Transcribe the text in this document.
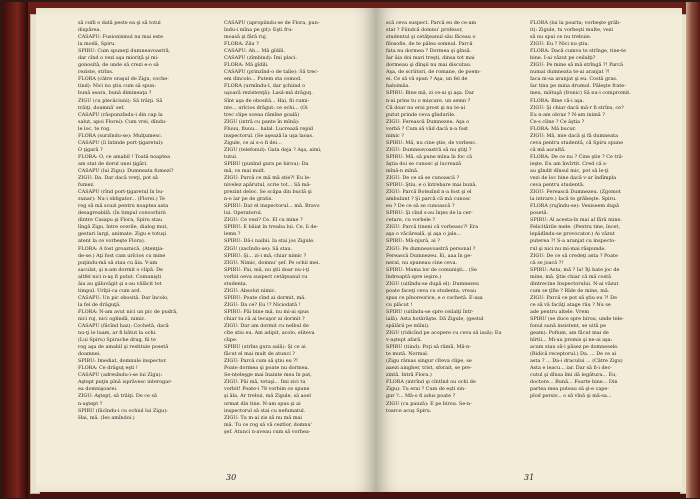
să cufli o dată peste ea şi să totul
dispărea.
CASAPU: Fusionismul nu mai este
la modă, Spiru.
SPIRU: Cum spuneţi dumneavoastră,
dar cînd o vezi aşa mioriţă şi mi-
gonosită, de unde să crezi e-o să
reziste, strîns.
FLORA (către oraşul de Zigu, coche-
tind): Nici nu ştiu cum să spun:
bună seara, bună dimineaţa ?
ZIGU (cu plecăciuni): Să trăiţi. Să
trăiţi, doamnă' sef.
CASAPU (răspunzîndu-i din cap la
salut, apoi Florei): Cum vrei, dîndu-
le loc, te rog.
FLORA (surzîndu-se): Mulţumesc.
CASAPU (îi întinde port-ţigaretul):
O ţigară ?
FLORA: O, ce amabil ! Toată noaptea
am stat de dorul unei ţigări.
CASAPU (lui Zigu): Dumneata fumezi?
ZIGU: Da. Dar dacă vreţi, pot să
fumez.
CASAPU (rînd port-ţigaretul în bu-
zunar): Nu-i obligator... (Florei.) Te
rog să mă scuzi pentru noaptea asta
desagreabilă. (în timpul convorbirii
dintre Casapu şi Flora, Spiru stau
lîngă Zigu, între ocerile, dialog mut,
gesturi largi, animate. Zigu e totuşi
atent la ce vorbeşte Flora).
FLORA: A fost groaznică. (Atenţia-
de-se.) Aţi fost cam urîcios cu mine
puţindu-mă să stau cu ăia. V-am
saculat, şi n-am dormit o clipă. De
altfel nici n-aş fi putut. Comunişti
ăia au găluvăgit şi s-au vălăcit tot
timpul. Urîţii-ca cum ard.
CASAPU: Un pic obosită. Dar încolo,
la fel de drăguţă.
FLORA: N-am avut nici un pic de pudră,
nici ruj, nici oglindă, nimic.
CASAPU (făcînd haz): Cochetă, dacă
nu-ţi le luam, ar fi bătut la ochi.
(Lui Spiru) Spirache drag, fii te
rog aşa de amabil şi restituie posetă
doamnei.
SPIRU: Imediat, domnule inspector.
FLORA: Ce drăguţ eşti !
CASAPU (adresîndu-i-se lui Zigu):
Aştept puţin pînă isprăvesc interogar-
ea domnişoarei.
ZIGU: Aştept, să trăiţi. De ce să
n-aştept ?
SPIRU (făcîndu-i cu ochiul lui Zigu):
Hai, mă. (Ies amîndoi.)
CASAPU (apropiindu-se de Flora, pun-
îndu-i mîna pe git): Eşti fru-
moasă şi fără ruj.
FLORA: Zău ?
CASAPU: Ah... Mă gîdili.
CASAPU (zîmbind): Îmi placi.
FLORA: Mă gîdili.
CASAPU (prinzînd-o de talie): Să trec-
em dincolo... Putem sta comod.
FLORA (urmîndu-l, dar şchiind o
uşoară rezistenţă): Lasă-mă drăguţ.
Sînt aşa de obosită... Hai, fii cumi-
nte... urîcios drăgut: ce ochi... (Oi
trec clipe scena rămîne goală)
ZIGU (intră cu pante în mînă):
Fluuu, fluuu... halal. Lucrează repid
inspectorul. (Se aşează la uşa laoas.
Zigule, ce ai s-o fi dei...
ZIGU (telefonul): Gata deja ? Aşa, aimi,
tutui.
SPIRU (punînd gura pe birou): Da
mă, ce mai mult.
ZIGU: Parcă ce mă mă știe?! Eu le-
nivelez apărutul, scrie tot... Să mă-
prezint deloc. Se scăpa din buclă şi
n-o iar pe de gratis.
SPIRU: Dar el inspectorul... mă. Bravo
lui. Operatorul.
ZIGU: Ce vezi? Ce. El ca mine ?
SPIRU: E băiat în treaba lui. Ce, îi de-
lemn ?
SPIRU: Dă-i naibii. Ia stai jos Zigule.
ZIGU (zacîndu-se): Să stau.
SPIRU: Şi... zi-i mă, chiar nimic ?
ZIGU: Nimic, domnu' şef. Pe ochii mei.
SPIRU: Pai, mă, nu ştii doar nu-i-ţi
vorbit oeva suspect cetăţeanul cu
studenta.
ZIGU: Absolut nimic.
SPIRU: Poate cînd ai dormit, mă.
ZIGU: Da ce? Eu !? Niciodată !
SPIRU: Păi bine mă, nu mi-ai spus
chiar tu că ai lecuşor ai dormit ?
ZIGU: Dar am dormit cu nelbul de
cîte stiu eu. Am adipit, acolo, eliteva
clipe.
SPIRU (strîns gura sală): Şi ce ai
făcut el mai mult de atunci ?
ZIGU: Parcă cum să ştiu eu ?!
Poate dormea şi poate nu dormea.
Se-nțeleşge mai înainte mea în pat,
ZIGU: Păi mă, totuşi... Îmi zici tu
vorbit! Poate-i 78 vorbim ce spune
şi ăla. Ar trebui, mă Zigule, să aoel
urmat din tine. N-am spus şi ai
inspectorul să stai cu nefumatul.
ZIGU: Tu m-ai zis să nu mă mai
mă. Tu ce rog să vă ceztlor, domnu'
şef. Atunci n-aveau cum să vorbea-
30
scă ceva suspect. Parcă eu de ce-am
stat ? Fiindcă domnu' profesor,
studentul şi cetăţeanul său făceau o
filosofie, de te pâlea somnul. Parcă
fata nu dormea ? Dormea şi gînsă.
Iar ăia doi mari treşti, dinsa tot mai
dormeau şi dînşii nu mai discutau.
Aşa, de scriitori, de romane, de poem-
ei. Ce să vă spun ? Aşa, un fel de
haloimăs.
SPIRU: Bine mă, zi ce-ai şi aşa. Dar
n-ai prins tu o mișcare, un semn ?
Că doar nu erai prost şi nu te-ai
putut prinde ceva gîndurile.
ZIGU: Ferească Dumnezeu. Aşa o
vorbă ? Cum să văd dacă n-a fost
nimic ?
SPIRU: Mă, nu cine ştie, de vorbesc.
ZIGU: Dumneavoastră să nu ştiţi ?
SPIRU: Mă, să pune mîna în foc că
ăştia doi se cunosc şi lucrează
mînă-n mînă.
ZIGU: De ce să se cunoască ?
SPIRU: Ştiu, e o întrebare mai bună.
ZIGU: Parcă Botezînd n-a fost şi el
ambulant ? Şi parcă că mă cunosc
eu ? De ce să se cunoască ?
SPIRU: Şi cînd s-au înţes de la cer-
cetare, cu vorbele ?
ZIGU: Parcă tineni că vorbeasc?! Era
aşa o văcăreală, şi aşa o jale...
SPIRU: Mă-njură, ai ?
ZIGU: Pe dumneavoastră personal ?
Ferească Dumnezeu. Ei, aaa în ge-
neral, nu spuneau cine ceva.
SPIRU: Mama lor de comunişti... (Se
îndreaptă spre ieşire.)
ZIGU (uitîndu-se după el): Dumnezeu
poate faceţi ceva cu studenta, vreau
spus ce pînoreorice, e o cochetă. E-așa
cu plăcut !
SPIRU (uitîndu-se spre ceilalţi într-
ială). Asta hotărăşte. Dă Zigule, (gestul
spălării pe mîini).
ZIGU (ridicînd pe acopere cu ceva să iasă): Eu
v-aştept afară.
SPIRU (tiind): Poţi să rămîi, Mă-n-
te mută. Normal.
(Zigu rămas singur cîteva clipe, se
aaezi aingher, trist, sforait, se pre-
zintă. Intră Flora.)
FLORA (intrînd şi cîntînd ou ochi de
Zigu): Tu erai ? Cum de eşti sin-
gur ?... Mă-o fi adus poate ?
ZIGU (cu pauză): E pe birou. Se-n-
toarce acuş Spiru.
FLORA (lui la poarta; vorbeşte grăb-
it): Zigule, tu vorbeşti multe, vezi
să nu spui ce nu trebuie.
ZIGU: Eu ? Nici nu ştiu.
FLORA: Dacă cumva te strînge, tine-te
bine. I-ai văzut pe ceilalţi?
ZIGU: Pe mine să mă strîngă ?! Parcă
numai dumneata te-ai aranjat ?!
Iaca m-sa aranjat şi eu. Costă gras.
Iar tinu pe mina drumul. Păleşte frate-
meu, mătuşă (Ironic) Să nu-i compromit.
FLORA: Bine că-i aşa.
ZIGU: Şi chiar dacă mă-r fi strîns, ce?
Eu n-am obraz ? N-am inimă ?
Ce-s cîine ? Ce ăştia ?
FLORA: Mă bucur.
ZIGU: Mă, mie dacă şi fă dumneata
ceva pentru studentă, că Spiru spune
că mă ascultă.
FLORA: De ce nu ? Cine ştie ? Ce tră-
ieşte. Eu am învîrtit. Cred că s-
au gîndit dînsul mic, pot să le-ţi
vezi de loc bine dacă v-ar îndîmpla
ceva pentru studentă.
ZIGU: Ferească Dumnezeu. (Zgomot
la intrare.) Iacă te grăbeşte. Spiru.
FLORA (rujîndu-se): Veniseem după
posetă.
SPIRU: Al acesta-în mai al fără mine.
Felicitările mele. (Pentru tine, încet,
lepădîndu-se provocator.) Ai văzut
puterea ?! S-a aranjat cu inspecto-
rul şi nici nu mi-mai răspunde.
ZIGU: De ce să credeţi asta ? Poate
că se joacă ?!
SPIRU: Asta, mă ? Ia! Îţi bate joc de
mine, mă. Ştie chiar că mă costă
dintrecine Inspectorului. N-ai văzut
cum se ţîfie ? Rîde de mine, mă.
ZIGU: Parcă ce pot să ştiu eu ?! De
ce să vă facăţi atage rău ? Nu se
ade pentru altele. Vrem
SPIRU (se duce spre birou, unde tele-
fonul sună insistent, se uită pe
geam): Pofium, am făcut mai de
hîrtii... Mi-au promis şi ne-ai aşa:
acum stau să-i păsez pe domnesele.
(Ridică receptorul.) Da. ... De ce ai
asta ? ... Da-i dracului ... (Către Zigu)
Asta e leacu... iar. Dar să fi-i dec-
cutul şi dînsa îmi dă legătura... Eu,
doctore... Bună... Foarte bine... Din
partea mea puteau să şi-e cape-
plod persiv... o să vînă şi mă-sa...
31
